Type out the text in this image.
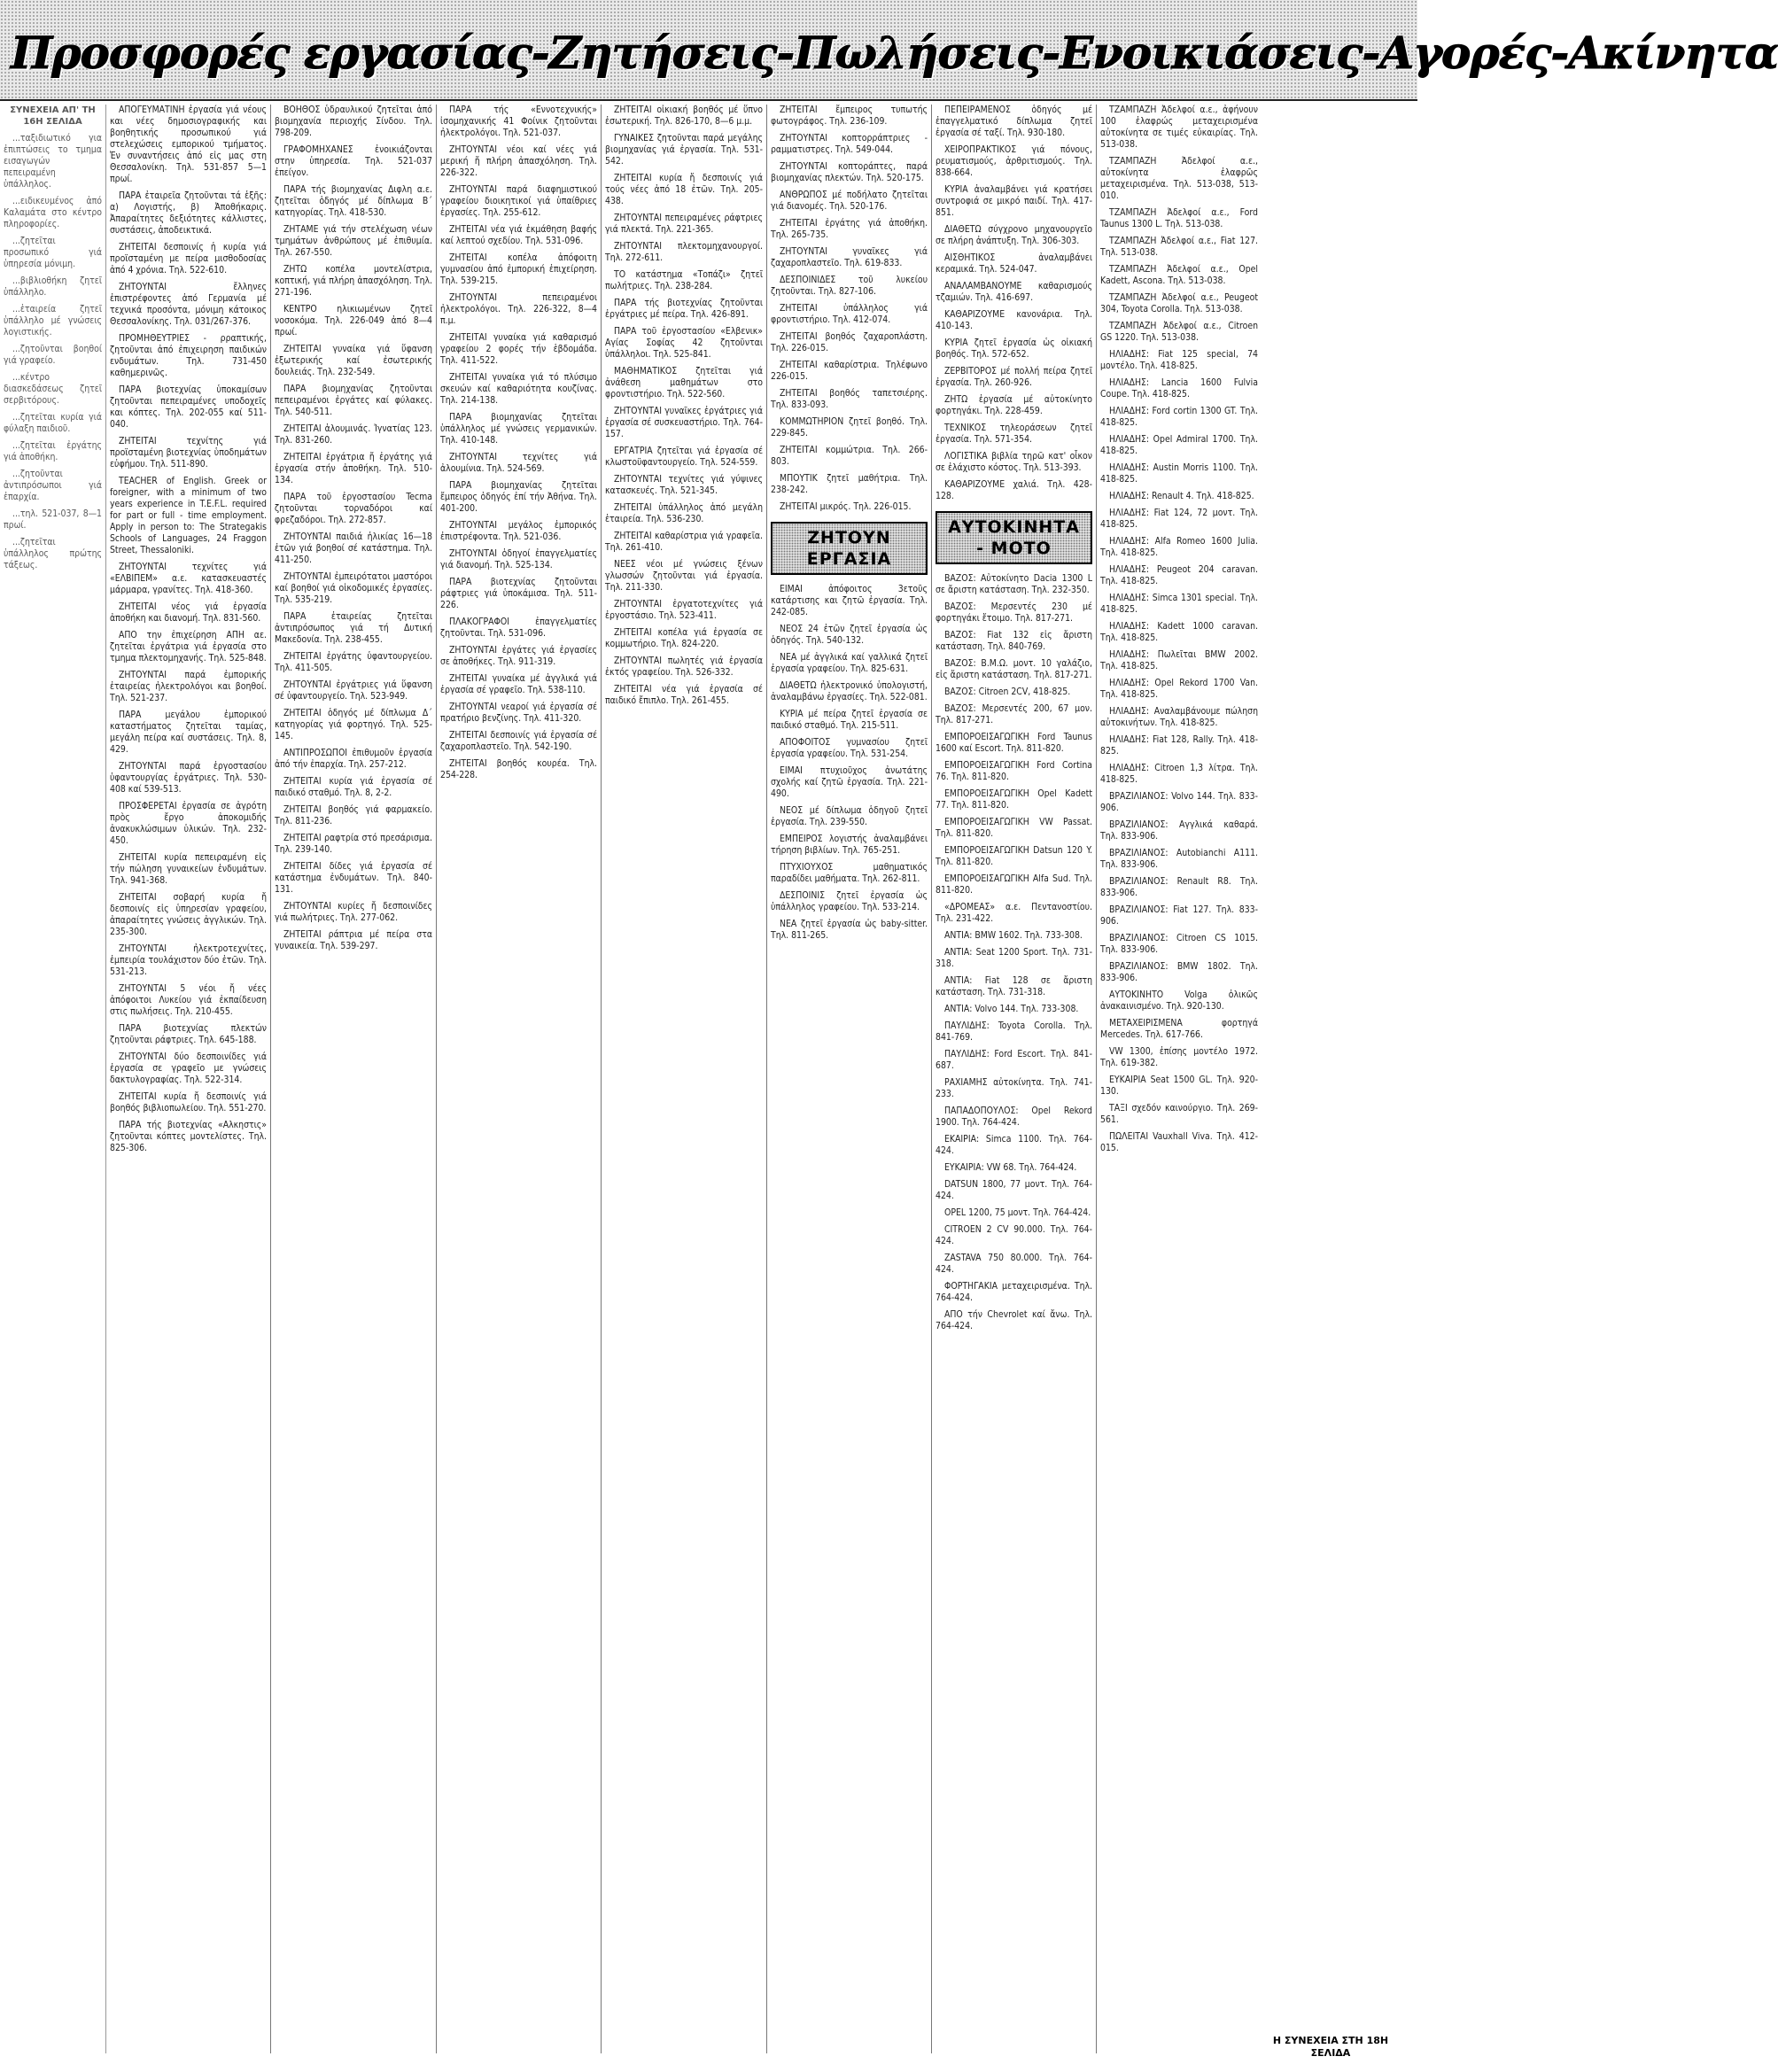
Προσφορές εργασίας-Ζητήσεις-Πωλήσεις-Ενοικιάσεις-Αγορές-Ακίνητα
ΣΥΝΕΧΕΙΑ ΑΠ' ΤΗ 16Η ΣΕΛΙΔΑ

...ταξιδιωτικό για ἐπιπτώσεις το τμημα εισαγωγών πεπειραμένη ὑπάλληλος.

...ειδικευμένος ἀπό Καλαμάτα στο κέντρο πληροφορίες.

...ζητεῖται προσωπικό γιά ὑπηρεσία μόνιμη.

...βιβλιοθήκη ζητεῖ ὑπάλληλο.

...ἑταιρεία ζητεῖ ὑπάλληλο μέ γνώσεις λογιστικής.

...ζητοῦνται βοηθοί γιά γραφείο.

...κέντρο διασκεδάσεως ζητεῖ σερβιτόρους.

...ζητεῖται κυρία γιά φύλαξη παιδιοῦ.

...ζητεῖται ἐργάτης γιά ἀποθήκη.

...ζητοῦνται ἀντιπρόσωποι γιά ἐπαρχία.

...τηλ. 521-037, 8—1 πρωί.

...ζητεῖται ὑπάλληλος πρώτης τάξεως.

ΑΠΟΓΕΥΜΑΤΙΝΗ ἐργασία γιά νέους και νέες δημοσιογραφικής και βοηθητικής προσωπικού γιά στελεχώσεις εμπορικού τμήματος. Ἐν συναντήσεις ἀπό εἰς μας στη Θεσσαλονίκη. Τηλ. 531-857 5—1 πρωί.

ΠΑΡΑ ἐταιρεῖα ζητοῦνται τά ἑξῆς: α) Λογιστής, β) Ἀποθήκαρις. Ἀπαραίτητες δεξιότητες κάλλιστες, συστάσεις, ἀποδεικτικά.

ΖΗΤΕΙΤΑΙ δεσποινίς ἡ κυρία γιά προϊσταμένη με πείρα μισθοδοσίας ἀπό 4 χρόνια. Τηλ. 522-610.

ΖΗΤΟΥΝΤΑΙ ἔλληνες ἐπιστρέφοντες ἀπό Γερμανία μέ τεχνικά προσόντα, μόνιμη κάτοικος Θεσσαλονίκης. Τηλ. 031/267-376.

ΠΡΟΜΗΘΕΥΤΡΙΕΣ - ρραπτικής, ζητοῦνται ἀπό ἐπιχειρηση παιδικών ενδυμάτων. Τηλ. 731-450 καθημερινῶς.

ΠΑΡΑ βιοτεχνίας ὑποκαμίσων ζητοῦνται πεπειραμένες υποδοχεῖς και κόπτες. Τηλ. 202-055 καί 511-040.

ΖΗΤΕΙΤΑΙ τεχνίτης γιά προϊσταμένη βιοτεχνίας ὑποδημάτων εὐφήμου. Τηλ. 511-890.

TEACHER of English. Greek or foreigner, with a minimum of two years experience in T.E.F.L. required for part or full - time employment. Apply in person to: The Strategakis Schools of Languages, 24 Fraggon Street, Thessaloniki.

ΖΗΤΟΥΝΤΑΙ τεχνίτες γιά «ΕΛΒΙΠΕΜ» α.ε. κατασκευαστές μάρμαρα, γρανίτες. Τηλ. 418-360.

ΖΗΤΕΙΤΑΙ νέος γιά ἐργασία ἀποθήκη και διανομή. Τηλ. 831-560.

ΑΠΟ την ἐπιχείρηση ΑΠΗ αε. ζητεῖται ἐργάτρια γιά ἐργασία στο τμημα πλεκτομηχανής. Τηλ. 525-848.

ΖΗΤΟΥΝΤΑΙ παρά ἐμπορικής ἐταιρείας ἠλεκτρολόγοι και βοηθοί. Τηλ. 521-237.

ΠΑΡΑ μεγάλου ἐμπορικού καταστήματος ζητεῖται ταμίας, μεγάλη πείρα καί συστάσεις. Τηλ. 8, 429.

ΖΗΤΟΥΝΤΑΙ παρά ἐργοστασίου ὑφαντουργίας ἐργάτριες. Τηλ. 530-408 καί 539-513.

ΠΡΟΣΦΕΡΕΤΑΙ ἐργασία σε ἀγρότη πρὸς ἔργο ἀποκομιδής ἀνακυκλώσιμων ὑλικών. Τηλ. 232-450.

ΖΗΤΕΙΤΑΙ κυρία πεπειραμένη εἰς τήν πώληση γυναικείων ἐνδυμάτων. Τηλ. 941-368.

ΖΗΤΕΙΤΑΙ σοβαρή κυρία ἤ δεσποινίς εἰς ὑπηρεσίαν γραφείου, ἀπαραίτητες γνώσεις ἀγγλικών. Τηλ. 235-300.

ΖΗΤΟΥΝΤΑΙ ἠλεκτροτεχνίτες, ἐμπειρία τουλάχιστον δύο ἐτῶν. Τηλ. 531-213.

ΖΗΤΟΥΝΤΑΙ 5 νέοι ἤ νέες ἀπόφοιτοι Λυκείου γιά ἐκπαίδευση στις πωλήσεις. Τηλ. 210-455.

ΠΑΡΑ βιοτεχνίας πλεκτών ζητοῦνται ράφτριες. Τηλ. 645-188.

ΖΗΤΟΥΝΤΑΙ δύο δεσποινίδες γιά ἐργασία σε γραφεῖο με γνώσεις δακτυλογραφίας. Τηλ. 522-314.

ΖΗΤΕΙΤΑΙ κυρία ἤ δεσποινίς γιά βοηθός βιβλιοπωλείου. Τηλ. 551-270.

ΠΑΡΑ τής βιοτεχνίας «Αλκηστις» ζητοῦνται κόπτες μοντελίστες. Τηλ. 825-306.

ΒΟΗΘΟΣ ὑδραυλικού ζητεῖται ἀπό βιομηχανία περιοχής Σίνδου. Τηλ. 798-209.

ΓΡΑΦΟΜΗΧΑΝΕΣ ἐνοικιάζονται στην ὑπηρεσία. Τηλ. 521-037 ἐπείγον.

ΠΑΡΑ τής βιομηχανίας Διφλη α.ε. ζητεῖται ὁδηγός μέ δίπλωμα Β΄ κατηγορίας. Τηλ. 418-530.

ΖΗΤΑΜΕ γιά τήν στελέχωση νέων τμημάτων ἀνθρώπους μέ ἐπιθυμία. Τηλ. 267-550.

ΖΗΤΩ κοπέλα μοντελίστρια, κοπτική, γιά πλήρη ἀπασχόληση. Τηλ. 271-196.

ΚΕΝΤΡΟ ηλικιωμένων ζητεῖ νοσοκόμα. Τηλ. 226-049 ἀπό 8—4 πρωί.

ΖΗΤΕΙΤΑΙ γυναίκα γιά ὕφανση ἐξωτερικής καί ἐσωτερικής δουλειάς. Τηλ. 232-549.

ΠΑΡΑ βιομηχανίας ζητοῦνται πεπειραμένοι ἐργάτες καί φύλακες. Τηλ. 540-511.

ΖΗΤΕΙΤΑΙ ἀλουμινάς. Ἰγνατίας 123. Τηλ. 831-260.

ΖΗΤΕΙΤΑΙ ἐργάτρια ἤ ἐργάτης γιά ἐργασία στήν ἀποθήκη. Τηλ. 510-134.

ΠΑΡΑ τοῦ ἐργοστασίου Tecma ζητοῦνται τορναδόροι καί φρεζαδόροι. Τηλ. 272-857.

ΖΗΤΟΥΝΤΑΙ παιδιά ἡλικίας 16—18 ἐτῶν γιά βοηθοί σέ κατάστημα. Τηλ. 411-250.

ΖΗΤΟΥΝΤΑΙ ἐμπειρότατοι μαστόροι καί βοηθοί γιά οἰκοδομικές ἐργασίες. Τηλ. 535-219.

ΠΑΡΑ ἐταιρείας ζητεῖται ἀντιπρόσωπος γιά τή Δυτική Μακεδονία. Τηλ. 238-455.

ΖΗΤΕΙΤΑΙ ἐργάτης ὑφαντουργείου. Τηλ. 411-505.

ΖΗΤΟΥΝΤΑΙ ἐργάτριες γιά ὕφανση σέ ὑφαντουργείο. Τηλ. 523-949.

ΖΗΤΕΙΤΑΙ ὁδηγός μέ δίπλωμα Δ΄ κατηγορίας γιά φορτηγό. Τηλ. 525-145.

ΑΝΤΙΠΡΟΣΩΠΟΙ ἐπιθυμοῦν ἐργασία ἀπό τήν ἐπαρχία. Τηλ. 257-212.

ΖΗΤΕΙΤΑΙ κυρία γιά ἐργασία σέ παιδικό σταθμό. Τηλ. 8, 2-2.

ΖΗΤΕΙΤΑΙ βοηθός γιά φαρμακείο. Τηλ. 811-236.

ΖΗΤΕΙΤΑΙ ραφτρία στό πρεσάρισμα. Τηλ. 239-140.

ΖΗΤΕΙΤΑΙ δίδες γιά ἐργασία σέ κατάστημα ἐνδυμάτων. Τηλ. 840-131.

ΖΗΤΟΥΝΤΑΙ κυρίες ἤ δεσποινίδες γιά πωλήτριες. Τηλ. 277-062.

ΖΗΤΕΙΤΑΙ ράπτρια μέ πείρα στα γυναικεία. Τηλ. 539-297.

ΠΑΡΑ τής «Εννοτεχνικής» ἰσομηχανικής 41 Φοίνικ ζητοῦνται ἠλεκτρολόγοι. Τηλ. 521-037.

ΖΗΤΟΥΝΤΑΙ νέοι καί νέες γιά μερική ἤ πλήρη ἀπασχόληση. Τηλ. 226-322.

ΖΗΤΟΥΝΤΑΙ παρά διαφημιστικού γραφείου διοικητικοί γιά ὑπαίθριες ἐργασίες. Τηλ. 255-612.

ΖΗΤΕΙΤΑΙ νέα γιά ἐκμάθηση βαφής καί λεπτού σχεδίου. Τηλ. 531-096.

ΖΗΤΕΙΤΑΙ κοπέλα ἀπόφοιτη γυμνασίου ἀπό ἐμπορική ἐπιχείρηση. Τηλ. 539-215.

ΖΗΤΟΥΝΤΑΙ πεπειραμένοι ἠλεκτρολόγοι. Τηλ. 226-322, 8—4 π.μ.

ΖΗΤΕΙΤΑΙ γυναίκα γιά καθαρισμό γραφείου 2 φορές τήν ἑβδομάδα. Τηλ. 411-522.

ΖΗΤΕΙΤΑΙ γυναίκα γιά τό πλύσιμο σκευών καί καθαριότητα κουζίνας. Τηλ. 214-138.

ΠΑΡΑ βιομηχανίας ζητεῖται ὑπάλληλος μέ γνώσεις γερμανικών. Τηλ. 410-148.

ΖΗΤΟΥΝΤΑΙ τεχνίτες γιά ἀλουμίνια. Τηλ. 524-569.

ΠΑΡΑ βιομηχανίας ζητεῖται ἔμπειρος ὀδηγός ἐπί τήν Ἀθήνα. Τηλ. 401-200.

ΖΗΤΟΥΝΤΑΙ μεγάλος ἐμπορικός ἐπιστρέφοντα. Τηλ. 521-036.

ΖΗΤΟΥΝΤΑΙ ὁδηγοί ἐπαγγελματίες γιά διανομή. Τηλ. 525-134.

ΠΑΡΑ βιοτεχνίας ζητοῦνται ράφτριες γιά ὑποκάμισα. Τηλ. 511-226.

ΠΛΑΚΟΓΡΑΦΟΙ ἐπαγγελματίες ζητοῦνται. Τηλ. 531-096.

ΖΗΤΟΥΝΤΑΙ ἐργάτες γιά ἐργασίες σε ἀποθήκες. Τηλ. 911-319.

ΖΗΤΕΙΤΑΙ γυναίκα μέ ἀγγλικά γιά ἐργασία σέ γραφεῖο. Τηλ. 538-110.

ΖΗΤΟΥΝΤΑΙ νεαροί γιά ἐργασία σέ πρατήριο βενζίνης. Τηλ. 411-320.

ΖΗΤΕΙΤΑΙ δεσποινίς γιά ἐργασία σέ ζαχαροπλαστεῖο. Τηλ. 542-190.

ΖΗΤΕΙΤΑΙ βοηθός κουρέα. Τηλ. 254-228.

ΖΗΤΕΙΤΑΙ οἰκιακή βοηθός μέ ὕπνο ἐσωτερική. Τηλ. 826-170, 8—6 μ.μ.

ΓΥΝΑΙΚΕΣ ζητοῦνται παρά μεγάλης βιομηχανίας γιά ἐργασία. Τηλ. 531-542.

ΖΗΤΕΙΤΑΙ κυρία ἤ δεσποινίς γιά τούς νέες ἀπό 18 ἐτῶν. Τηλ. 205-438.

ΖΗΤΟΥΝΤΑΙ πεπειραμένες ράφτριες γιά πλεκτά. Τηλ. 221-365.

ΖΗΤΟΥΝΤΑΙ πλεκτομηχανουργοί. Τηλ. 272-611.

ΤΟ κατάστημα «Τοπάζι» ζητεῖ πωλήτριες. Τηλ. 238-284.

ΠΑΡΑ τής βιοτεχνίας ζητοῦνται ἐργάτριες μέ πείρα. Τηλ. 426-891.

ΠΑΡΑ τοῦ ἐργοστασίου «Ελβενικ» Αγίας Σοφίας 42 ζητοῦνται ὑπάλληλοι. Τηλ. 525-841.

ΜΑΘΗΜΑΤΙΚΟΣ ζητεῖται γιά ἀνάθεση μαθημάτων στο φροντιστήριο. Τηλ. 522-560.

ΖΗΤΟΥΝΤΑΙ γυναῖκες ἐργάτριες γιά ἐργασία σέ συσκευαστήριο. Τηλ. 764-157.

ΕΡΓΑΤΡΙΑ ζητεῖται γιά ἐργασία σέ κλωστοϋφαντουργείο. Τηλ. 524-559.

ΖΗΤΟΥΝΤΑΙ τεχνίτες γιά γύψινες κατασκευές. Τηλ. 521-345.

ΖΗΤΕΙΤΑΙ ὑπάλληλος ἀπό μεγάλη ἑταιρεία. Τηλ. 536-230.

ΖΗΤΕΙΤΑΙ καθαρίστρια γιά γραφεῖα. Τηλ. 261-410.

ΝΕΕΣ νέοι μέ γνώσεις ξένων γλωσσών ζητοῦνται γιά ἐργασία. Τηλ. 211-330.

ΖΗΤΟΥΝΤΑΙ ἐργατοτεχνίτες γιά ἐργοστάσιο. Τηλ. 523-411.

ΖΗΤΕΙΤΑΙ κοπέλα γιά ἐργασία σε κομμωτήριο. Τηλ. 824-220.

ΖΗΤΟΥΝΤΑΙ πωλητές γιά ἐργασία ἐκτός γραφείου. Τηλ. 526-332.

ΖΗΤΕΙΤΑΙ νέα γιά ἐργασία σέ παιδικό ἔπιπλο. Τηλ. 261-455.

ΖΗΤΕΙΤΑΙ ἔμπειρος τυπωτής φωτογράφος. Τηλ. 236-109.

ΖΗΤΟΥΝΤΑΙ κοπτορράπτριες - ραμματιστρες. Τηλ. 549-044.

ΖΗΤΟΥΝΤΑΙ κοπτοράπτες, παρά βιομηχανίας πλεκτών. Τηλ. 520-175.

ΑΝΘΡΩΠΟΣ μέ ποδήλατο ζητεῖται γιά διανομές. Τηλ. 520-176.

ΖΗΤΕΙΤΑΙ ἐργάτης γιά ἀποθήκη. Τηλ. 265-735.

ΖΗΤΟΥΝΤΑΙ γυναῖκες γιά ζαχαροπλαστεῖο. Τηλ. 619-833.

ΔΕΣΠΟΙΝΙΔΕΣ τοῦ λυκείου ζητοῦνται. Τηλ. 827-106.

ΖΗΤΕΙΤΑΙ ὑπάλληλος γιά φροντιστήριο. Τηλ. 412-074.

ΖΗΤΕΙΤΑΙ βοηθός ζαχαροπλάστη. Τηλ. 226-015.

ΖΗΤΕΙΤΑΙ καθαρίστρια. Τηλέφωνο 226-015.

ΖΗΤΕΙΤΑΙ βοηθός ταπετσιέρης. Τηλ. 833-093.

ΚΟΜΜΩΤΗΡΙΟΝ ζητεῖ βοηθό. Τηλ. 229-845.

ΖΗΤΕΙΤΑΙ κομμώτρια. Τηλ. 266-803.

ΜΠΟΥΤΙΚ ζητεῖ μαθήτρια. Τηλ. 238-242.

ΖΗΤΕΙΤΑΙ μικρός. Τηλ. 226-015.

ΖΗΤΟΥΝ ΕΡΓΑΣΙΑ

ΕΙΜΑΙ ἀπόφοιτος 3ετοῦς κατάρτισης και ζητῶ ἐργασία. Τηλ. 242-085.

ΝΕΟΣ 24 ἐτῶν ζητεῖ ἐργασία ὡς ὁδηγός. Τηλ. 540-132.

ΝΕΑ μέ ἀγγλικά καί γαλλικά ζητεῖ ἐργασία γραφείου. Τηλ. 825-631.

ΔΙΑΘΕΤΩ ἠλεκτρονικό ὑπολογιστή, ἀναλαμβάνω ἐργασίες. Τηλ. 522-081.

ΚΥΡΙΑ μέ πείρα ζητεῖ ἐργασία σε παιδικό σταθμό. Τηλ. 215-511.

ΑΠΟΦΟΙΤΟΣ γυμνασίου ζητεῖ ἐργασία γραφείου. Τηλ. 531-254.

ΕΙΜΑΙ πτυχιοῦχος ἀνωτάτης σχολής καί ζητῶ ἐργασία. Τηλ. 221-490.

ΝΕΟΣ μέ δίπλωμα ὁδηγοῦ ζητεῖ ἐργασία. Τηλ. 239-550.

ΕΜΠΕΙΡΟΣ λογιστής ἀναλαμβάνει τήρηση βιβλίων. Τηλ. 765-251.

ΠΤΥΧΙΟΥΧΟΣ μαθηματικός παραδίδει μαθήματα. Τηλ. 262-811.

ΔΕΣΠΟΙΝΙΣ ζητεῖ ἐργασία ὡς ὑπάλληλος γραφείου. Τηλ. 533-214.

ΝΕΑ ζητεῖ ἐργασία ὡς baby-sitter. Τηλ. 811-265.

ΠΕΠΕΙΡΑΜΕΝΟΣ ὁδηγός μέ ἐπαγγελματικό δίπλωμα ζητεῖ ἐργασία σέ ταξί. Τηλ. 930-180.

ΧΕΙΡΟΠΡΑΚΤΙΚΟΣ γιά πόνους, ρευματισμούς, ἀρθριτισμούς. Τηλ. 838-664.

ΚΥΡΙΑ ἀναλαμβάνει γιά κρατήσει συντροφιά σε μικρό παιδί. Τηλ. 417-851.

ΔΙΑΘΕΤΩ σύγχρονο μηχανουργεῖο σε πλήρη ἀνάπτυξη. Τηλ. 306-303.

ΑΙΣΘΗΤΙΚΟΣ ἀναλαμβάνει κεραμικά. Τηλ. 524-047.

ΑΝΑΛΑΜΒΑΝΟΥΜΕ καθαρισμούς τζαμιών. Τηλ. 416-697.

ΚΑΘΑΡΙΖΟΥΜΕ κανονάρια. Τηλ. 410-143.

ΚΥΡΙΑ ζητεῖ ἐργασία ὡς οἰκιακή βοηθός. Τηλ. 572-652.

ΖΕΡΒΙΤΟΡΟΣ μέ πολλή πείρα ζητεῖ ἐργασία. Τηλ. 260-926.

ΖΗΤΩ ἐργασία μέ αὐτοκίνητο φορτηγάκι. Τηλ. 228-459.

ΤΕΧΝΙΚΟΣ τηλεοράσεων ζητεῖ ἐργασία. Τηλ. 571-354.

ΛΟΓΙΣΤΙΚΑ βιβλία τηρῶ κατ' οἶκον σε ἐλάχιστο κόστος. Τηλ. 513-393.

ΚΑΘΑΡΙΖΟΥΜΕ χαλιά. Τηλ. 428-128.

ΑΥΤΟΚΙΝΗΤΑ - ΜΟΤΟ

ΒΑΖΟΣ: Αὐτοκίνητο Dacia 1300 L σε ἄριστη κατάσταση. Τηλ. 232-350.

ΒΑΖΟΣ: Μερσεντές 230 μέ φορτηγάκι ἔτοιμο. Τηλ. 817-271.

ΒΑΖΟΣ: Fiat 132 εἰς ἄριστη κατάσταση. Τηλ. 840-769.

ΒΑΖΟΣ: Β.Μ.Ω. μοντ. 10 γαλάζιο, εἰς ἄριστη κατάσταση. Τηλ. 817-271.

ΒΑΖΟΣ: Citroen 2CV, 418-825.

ΒΑΖΟΣ: Μερσεντές 200, 67 μον. Τηλ. 817-271.

ΕΜΠΟΡΟΕΙΣΑΓΩΓΙΚΗ Ford Taunus 1600 καί Escort. Τηλ. 811-820.

ΕΜΠΟΡΟΕΙΣΑΓΩΓΙΚΗ Ford Cortina 76. Τηλ. 811-820.

ΕΜΠΟΡΟΕΙΣΑΓΩΓΙΚΗ Opel Kadett 77. Τηλ. 811-820.

ΕΜΠΟΡΟΕΙΣΑΓΩΓΙΚΗ VW Passat. Τηλ. 811-820.

ΕΜΠΟΡΟΕΙΣΑΓΩΓΙΚΗ Datsun 120 Y. Τηλ. 811-820.

ΕΜΠΟΡΟΕΙΣΑΓΩΓΙΚΗ Alfa Sud. Τηλ. 811-820.

«ΔΡΟΜΕΑΣ» α.ε. Πεντανοστίου. Τηλ. 231-422.

ΑΝΤΙΑ: BMW 1602. Τηλ. 733-308.

ΑΝΤΙΑ: Seat 1200 Sport. Τηλ. 731-318.

ΑΝΤΙΑ: Fiat 128 σε ἄριστη κατάσταση. Τηλ. 731-318.

ΑΝΤΙΑ: Volvo 144. Τηλ. 733-308.

ΠΑΥΛΙΔΗΣ: Toyota Corolla. Τηλ. 841-769.

ΠΑΥΛΙΔΗΣ: Ford Escort. Τηλ. 841-687.

ΡΑΧΙΑΜΗΣ αὐτοκίνητα. Τηλ. 741-233.

ΠΑΠΑΔΟΠΟΥΛΟΣ: Opel Rekord 1900. Τηλ. 764-424.

ΕΚΑΙΡΙΑ: Simca 1100. Τηλ. 764-424.

ΕΥΚΑΙΡΙΑ: VW 68. Τηλ. 764-424.

DATSUN 1800, 77 μοντ. Τηλ. 764-424.

OPEL 1200, 75 μοντ. Τηλ. 764-424.

CITROEN 2 CV 90.000. Τηλ. 764-424.

ZASTAVA 750 80.000. Τηλ. 764-424.

ΦΟΡΤΗΓΑΚΙΑ μεταχειρισμένα. Τηλ. 764-424.

ΑΠΟ τήν Chevrolet καί ἄνω. Τηλ. 764-424.

ΤΖΑΜΠΑΖΗ Ἀδελφοί α.ε., ἀφήνουν 100 ἐλαφρώς μεταχειρισμένα αὐτοκίνητα σε τιμές εὐκαιρίας. Τηλ. 513-038.

ΤΖΑΜΠΑΖΗ Ἀδελφοί α.ε., αὐτοκίνητα ἐλαφρῶς μεταχειρισμένα. Τηλ. 513-038, 513-010.

ΤΖΑΜΠΑΖΗ Ἀδελφοί α.ε., Ford Taunus 1300 L. Τηλ. 513-038.

ΤΖΑΜΠΑΖΗ Ἀδελφοί α.ε., Fiat 127. Τηλ. 513-038.

ΤΖΑΜΠΑΖΗ Ἀδελφοί α.ε., Opel Kadett, Ascona. Τηλ. 513-038.

ΤΖΑΜΠΑΖΗ Ἀδελφοί α.ε., Peugeot 304, Toyota Corolla. Τηλ. 513-038.

ΤΖΑΜΠΑΖΗ Ἀδελφοί α.ε., Citroen GS 1220. Τηλ. 513-038.

ΗΛΙΑΔΗΣ: Fiat 125 special, 74 μοντέλο. Τηλ. 418-825.

ΗΛΙΑΔΗΣ: Lancia 1600 Fulvia Coupe. Τηλ. 418-825.

ΗΛΙΑΔΗΣ: Ford cortin 1300 GT. Τηλ. 418-825.

ΗΛΙΑΔΗΣ: Opel Admiral 1700. Τηλ. 418-825.

ΗΛΙΑΔΗΣ: Austin Morris 1100. Τηλ. 418-825.

ΗΛΙΑΔΗΣ: Renault 4. Τηλ. 418-825.

ΗΛΙΑΔΗΣ: Fiat 124, 72 μοντ. Τηλ. 418-825.

ΗΛΙΑΔΗΣ: Alfa Romeo 1600 Julia. Τηλ. 418-825.

ΗΛΙΑΔΗΣ: Peugeot 204 caravan. Τηλ. 418-825.

ΗΛΙΑΔΗΣ: Simca 1301 special. Τηλ. 418-825.

ΗΛΙΑΔΗΣ: Kadett 1000 caravan. Τηλ. 418-825.

ΗΛΙΑΔΗΣ: Πωλεῖται BMW 2002. Τηλ. 418-825.

ΗΛΙΑΔΗΣ: Opel Rekord 1700 Van. Τηλ. 418-825.

ΗΛΙΑΔΗΣ: Αναλαμβάνουμε πώληση αὐτοκινήτων. Τηλ. 418-825.

ΗΛΙΑΔΗΣ: Fiat 128, Rally. Τηλ. 418-825.

ΗΛΙΑΔΗΣ: Citroen 1,3 λίτρα. Τηλ. 418-825.

ΒΡΑΖΙΛΙΑΝΟΣ: Volvo 144. Τηλ. 833-906.

ΒΡΑΖΙΛΙΑΝΟΣ: Αγγλικά καθαρά. Τηλ. 833-906.

ΒΡΑΖΙΛΙΑΝΟΣ: Autobianchi A111. Τηλ. 833-906.

ΒΡΑΖΙΛΙΑΝΟΣ: Renault R8. Τηλ. 833-906.

ΒΡΑΖΙΛΙΑΝΟΣ: Fiat 127. Τηλ. 833-906.

ΒΡΑΖΙΛΙΑΝΟΣ: Citroen CS 1015. Τηλ. 833-906.

ΒΡΑΖΙΛΙΑΝΟΣ: BMW 1802. Τηλ. 833-906.

ΑΥΤΟΚΙΝΗΤΟ Volga ὀλικῶς ἀνακαινισμένο. Τηλ. 920-130.

ΜΕΤΑΧΕΙΡΙΣΜΕΝΑ φορτηγά Mercedes. Τηλ. 617-766.

VW 1300, ἐπίσης μοντέλο 1972. Τηλ. 619-382.

ΕΥΚΑΙΡΙΑ Seat 1500 GL. Τηλ. 920-130.

ΤΑΞΙ σχεδόν καινούργιο. Τηλ. 269-561.

ΠΩΛΕΙΤΑΙ Vauxhall Viva. Τηλ. 412-015.

Η ΣΥΝΕΧΕΙΑ ΣΤΗ 18Η ΣΕΛΙΔΑ
